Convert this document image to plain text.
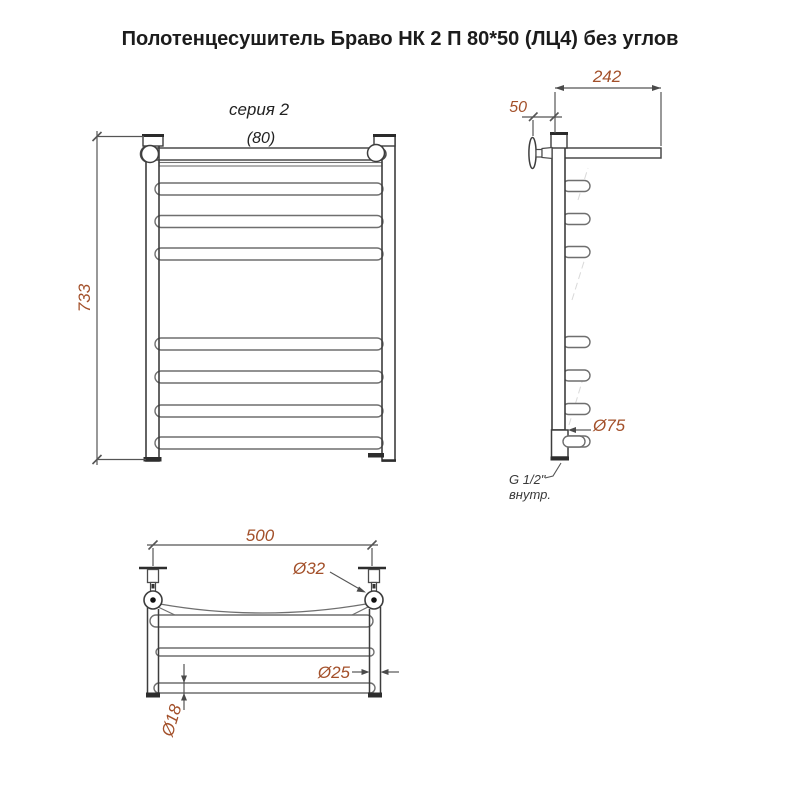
Полотенцесушитель Браво НК 2 П 80*50 (ЛЦ4) без углов
серия 2
(80)
733
242
50
Ø75
G 1/2"
внутр.
500
Ø32
Ø25
Ø18
